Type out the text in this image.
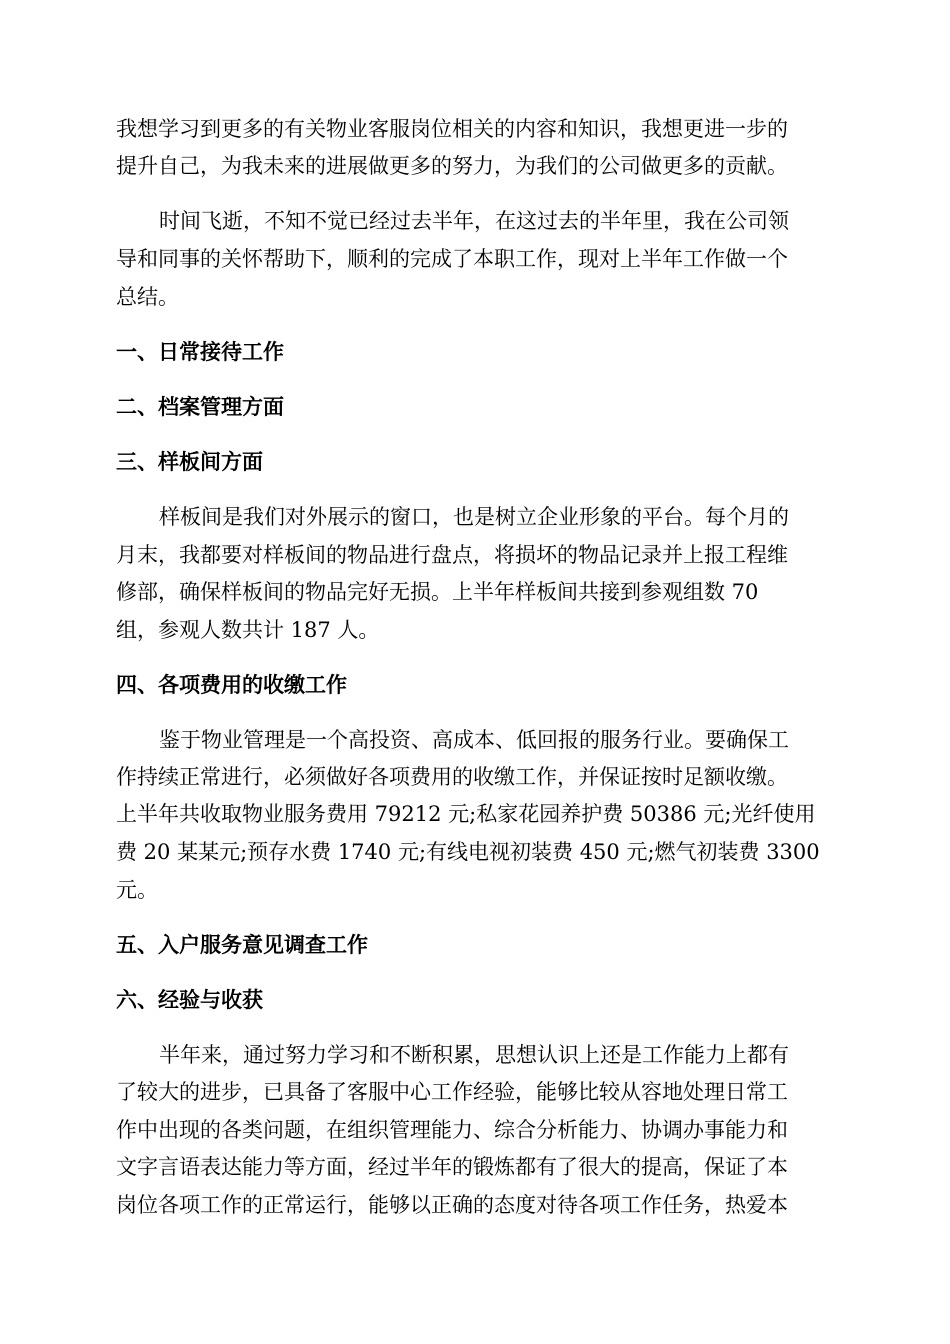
我想学习到更多的有关物业客服岗位相关的内容和知识，我想更进一步的

提升自己，为我未来的进展做更多的努力，为我们的公司做更多的贡献。

时间飞逝，不知不觉已经过去半年，在这过去的半年里，我在公司领

导和同事的关怀帮助下，顺利的完成了本职工作，现对上半年工作做一个

总结。

一、日常接待工作

二、档案管理方面

三、样板间方面

样板间是我们对外展示的窗口，也是树立企业形象的平台。每个月的

月末，我都要对样板间的物品进行盘点，将损坏的物品记录并上报工程维

修部，确保样板间的物品完好无损。上半年样板间共接到参观组数 70

组，参观人数共计 187 人。

四、各项费用的收缴工作

鉴于物业管理是一个高投资、高成本、低回报的服务行业。要确保工

作持续正常进行，必须做好各项费用的收缴工作，并保证按时足额收缴。

上半年共收取物业服务费用 79212 元;私家花园养护费 50386 元;光纤使用

费 20 某某元;预存水费 1740 元;有线电视初装费 450 元;燃气初装费 3300

元。

五、入户服务意见调查工作

六、经验与收获

半年来，通过努力学习和不断积累，思想认识上还是工作能力上都有

了较大的进步，已具备了客服中心工作经验，能够比较从容地处理日常工

作中出现的各类问题，在组织管理能力、综合分析能力、协调办事能力和

文字言语表达能力等方面，经过半年的锻炼都有了很大的提高，保证了本

岗位各项工作的正常运行，能够以正确的态度对待各项工作任务，热爱本
